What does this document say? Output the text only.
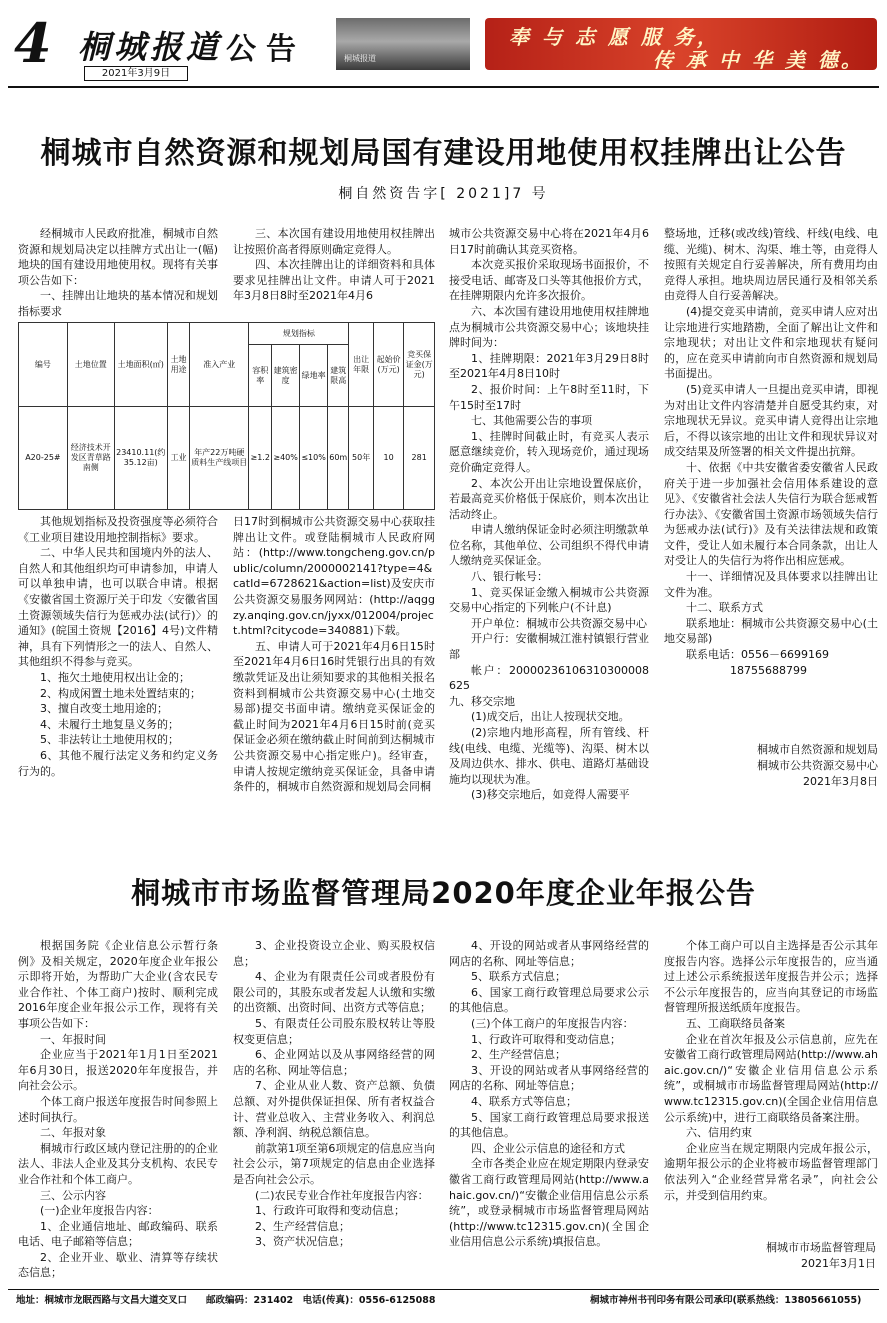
4 桐城报道
2021年3月9日
公告	桐城报道
奉 与 志 愿 服 务，
传 承 中 华 美 德。
桐城市自然资源和规划局国有建设用地使用权挂牌出让公告
桐自然资告字[ 2021]7 号

经桐城市人民政府批准，桐城市自然资源和规划局决定以挂牌方式出让一(幅)地块的国有建设用地使用权。现将有关事项公告如下：

一、挂牌出让地块的基本情况和规划指标要求

三、本次国有建设用地使用权挂牌出让按照价高者得原则确定竞得人。

四、本次挂牌出让的详细资料和具体要求见挂牌出让文件。申请人可于2021年3月8日8时至2021年4月6

编号	土地位置	土地面积(㎡)	土地用途	准入产业	规划指标				出让年限	起始价(万元)	竞买保证金(万元)
					容积率	建筑密度	绿地率	建筑限高			
A20-25#	经济技术开发区青草路南侧	23410.11(约35.12亩)	工业	年产22万吨硬质料生产线项目	≥1.2	≥40%	≤10%	60m	50年	10	281

其他规划指标及投资强度等必须符合《工业项目建设用地控制指标》要求。

二、中华人民共和国境内外的法人、自然人和其他组织均可申请参加，申请人可以单独申请，也可以联合申请。根据《安徽省国土资源厅关于印发〈安徽省国土资源领域失信行为惩戒办法(试行)〉的通知》(皖国土资规【2016】4号)文件精神，具有下列情形之一的法人、自然人、其他组织不得参与竞买。

1、拖欠土地使用权出让金的；

2、构成闲置土地未处置结束的；

3、擅自改变土地用途的；

4、未履行土地复垦义务的；

5、非法转让土地使用权的；

6、其他不履行法定义务和约定义务行为的。

日17时到桐城市公共资源交易中心获取挂牌出让文件。或登陆桐城市人民政府网站：(http://www.tongcheng.gov.cn/public/column/2000002141?type=4&catId=6728621&action=list)及安庆市公共资源交易服务网网站：(http://aqggzy.anqing.gov.cn/jyxx/012004/project.html?citycode=340881)下载。

五、申请人可于2021年4月6日15时至2021年4月6日16时凭银行出具的有效缴款凭证及出让须知要求的其他相关报名资料到桐城市公共资源交易中心(土地交易部)提交书面申请。缴纳竞买保证金的截止时间为2021年4月6日15时前(竞买保证金必须在缴纳截止时间前到达桐城市公共资源交易中心指定账户)。经审查，申请人按规定缴纳竞买保证金，具备申请条件的，桐城市自然资源和规划局会同桐

城市公共资源交易中心将在2021年4月6日17时前确认其竞买资格。

本次竞买报价采取现场书面报价，不接受电话、邮寄及口头等其他报价方式，在挂牌期限内允许多次报价。

六、本次国有建设用地使用权挂牌地点为桐城市公共资源交易中心；该地块挂牌时间为：

1、挂牌期限：2021年3月29日8时至2021年4月8日10时

2、报价时间：上午8时至11时，下午15时至17时

七、其他需要公告的事项

1、挂牌时间截止时，有竞买人表示愿意继续竞价，转入现场竞价，通过现场竞价确定竞得人。

2、本次公开出让宗地设置保底价，若最高竞买价格低于保底价，则本次出让活动终止。

申请人缴纳保证金时必须注明缴款单位名称，其他单位、公司组织不得代申请人缴纳竞买保证金。

八、银行帐号：

1、竞买保证金缴入桐城市公共资源交易中心指定的下列帐户(不计息)

开户单位：桐城市公共资源交易中心

开户行：安徽桐城江淮村镇银行营业部

帐户：20000236106310300008625

九、移交宗地

(1)成交后，出让人按现状交地。

(2)宗地内地形高程，所有管线、杆线(电线、电缆、光缆等)、沟渠、树木以及周边供水、排水、供电、道路灯基础设施均以现状为准。

(3)移交宗地后，如竞得人需要平

整场地，迁移(或改线)管线、杆线(电线、电缆、光缆)、树木、沟渠、堆土等，由竞得人按照有关规定自行妥善解决，所有费用均由竞得人承担。地块周边居民通行及相邻关系由竞得人自行妥善解决。

(4)提交竞买申请前，竞买申请人应对出让宗地进行实地踏勘，全面了解出让文件和宗地现状；对出让文件和宗地现状有疑问的，应在竞买申请前向市自然资源和规划局书面提出。

(5)竞买申请人一旦提出竞买申请，即视为对出让文件内容清楚并自愿受其约束，对宗地现状无异议。竞买申请人竞得出让宗地后，不得以该宗地的出让文件和现状异议对成交结果及所签署的相关文件提出抗辩。

十、依据《中共安徽省委安徽省人民政府关于进一步加强社会信用体系建设的意见》、《安徽省社会法人失信行为联合惩戒暂行办法》、《安徽省国土资源市场领域失信行为惩戒办法(试行)》及有关法律法规和政策文件，受让人如未履行本合同条款，出让人对受让人的失信行为将作出相应惩戒。

十一、详细情况及具体要求以挂牌出让文件为准。

十二、联系方式

联系地址：桐城市公共资源交易中心(土地交易部)

联系电话：0556－6699169

18755688799

桐城市自然资源和规划局
桐城市公共资源交易中心
2021年3月8日
桐城市市场监督管理局2020年度企业年报公告

根据国务院《企业信息公示暂行条例》及相关规定，2020年度企业年报公示即将开始，为帮助广大企业(含农民专业合作社、个体工商户)按时、顺利完成2016年度企业年报公示工作，现将有关事项公告如下：

一、年报时间

企业应当于2021年1月1日至2021年6月30日，报送2020年年度报告，并向社会公示。

个体工商户报送年度报告时间参照上述时间执行。

二、年报对象

桐城市行政区域内登记注册的的企业法人、非法人企业及其分支机构、农民专业合作社和个体工商户。

三、公示内容

(一)企业年度报告内容：

1、企业通信地址、邮政编码、联系电话、电子邮箱等信息；

2、企业开业、歇业、清算等存续状态信息；

3、企业投资设立企业、购买股权信息；

4、企业为有限责任公司或者股份有限公司的，其股东或者发起人认缴和实缴的出资额、出资时间、出资方式等信息；

5、有限责任公司股东股权转让等股权变更信息；

6、企业网站以及从事网络经营的网店的名称、网址等信息；

7、企业从业人数、资产总额、负债总额、对外提供保证担保、所有者权益合计、营业总收入、主营业务收入、利润总额、净利润、纳税总额信息。

前款第1项至第6项规定的信息应当向社会公示，第7项规定的信息由企业选择是否向社会公示。

(二)农民专业合作社年度报告内容：

1、行政许可取得和变动信息；

2、生产经营信息；

3、资产状况信息；

4、开设的网站或者从事网络经营的网店的名称、网址等信息；

5、联系方式信息；

6、国家工商行政管理总局要求公示的其他信息。

(三)个体工商户的年度报告内容：

1、行政许可取得和变动信息；

2、生产经营信息；

3、开设的网站或者从事网络经营的网店的名称、网址等信息；

4、联系方式等信息；

5、国家工商行政管理总局要求报送的其他信息。

四、企业公示信息的途径和方式

全市各类企业应在规定期限内登录安徽省工商行政管理局网站(http://www.ahaic.gov.cn/)“安徽企业信用信息公示系统”，或登录桐城市市场监督管理局网站(http://www.tc12315.gov.cn)(全国企业信用信息公示系统)填报信息。

个体工商户可以自主选择是否公示其年度报告内容。选择公示年度报告的，应当通过上述公示系统报送年度报告并公示；选择不公示年度报告的，应当向其登记的市场监督管理所报送纸质年度报告。

五、工商联络员备案

企业在首次年报及公示信息前，应先在安徽省工商行政管理局网站(http://www.ahaic.gov.cn/)“安徽企业信用信息公示系统”，或桐城市市场监督管理局网站(http://www.tc12315.gov.cn)(全国企业信用信息公示系统)中，进行工商联络员备案注册。

六、信用约束

企业应当在规定期限内完成年报公示，逾期年报公示的企业将被市场监督管理部门依法列入“企业经营异常名录”，向社会公示，并受到信用约束。

桐城市市场监督管理局
2021年3月1日
地址：桐城市龙眠西路与文昌大道交叉口　　邮政编码：231402　电话(传真)：0556-6125088	桐城市神州书刊印务有限公司承印(联系热线：13805661055)
